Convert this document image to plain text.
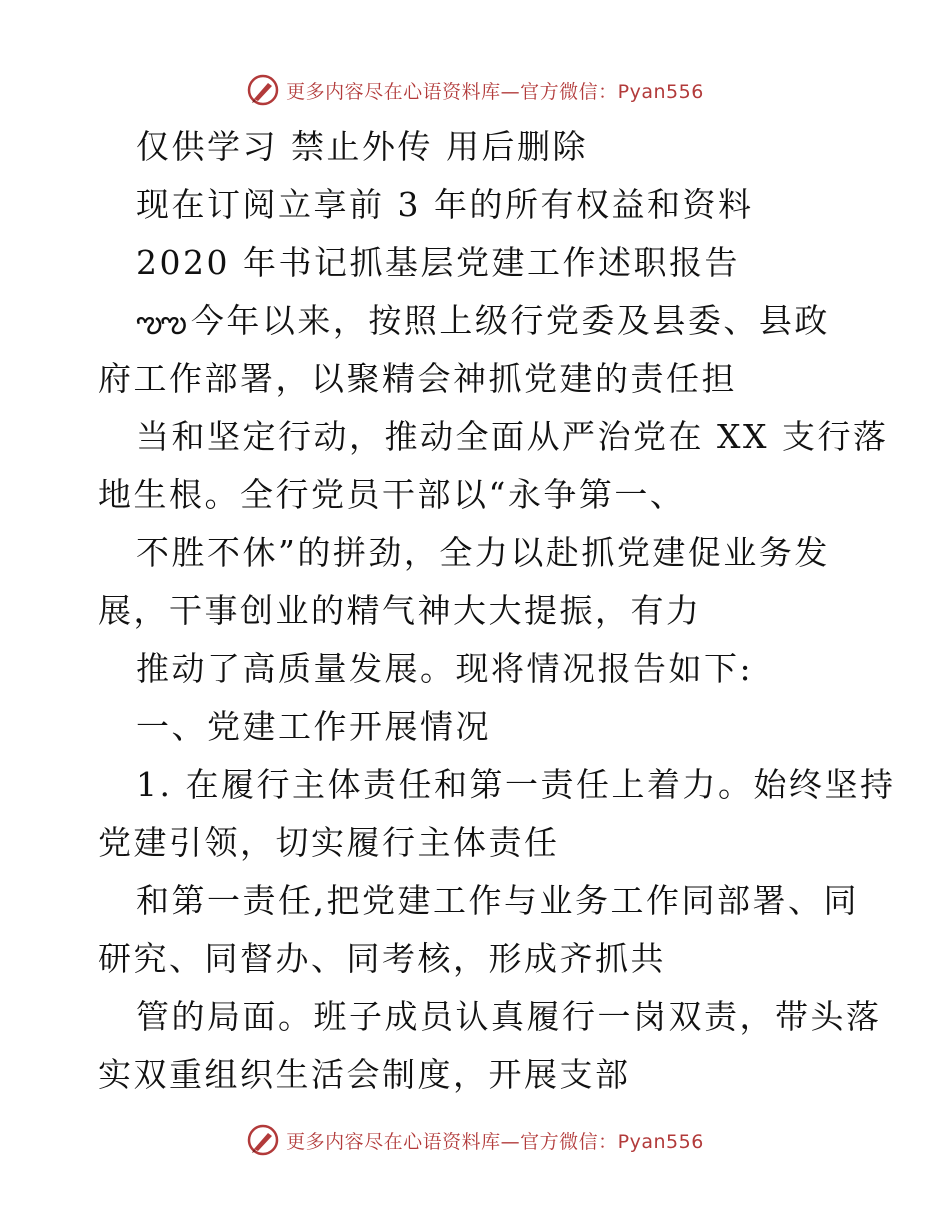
更多内容尽在心语资料库—官方微信：Pyan556
仅供学习 禁止外传 用后删除
现在订阅立享前 3 年的所有权益和资料
2020 年书记抓基层党建工作述职报告
ఌఌ 今年以来，按照上级行党委及县委、县政
府工作部署，以聚精会神抓党建的责任担
当和坚定行动，推动全面从严治党在 XX 支行落
地生根。全行党员干部以“永争第一、
不胜不休”的拼劲，全力以赴抓党建促业务发
展，干事创业的精气神大大提振，有力
推动了高质量发展。现将情况报告如下:
一、党建工作开展情况
1. 在履行主体责任和第一责任上着力。始终坚持
党建引领，切实履行主体责任
和第一责任,把党建工作与业务工作同部署、同
研究、同督办、同考核，形成齐抓共
管的局面。班子成员认真履行一岗双责，带头落
实双重组织生活会制度，开展支部
更多内容尽在心语资料库—官方微信：Pyan556
